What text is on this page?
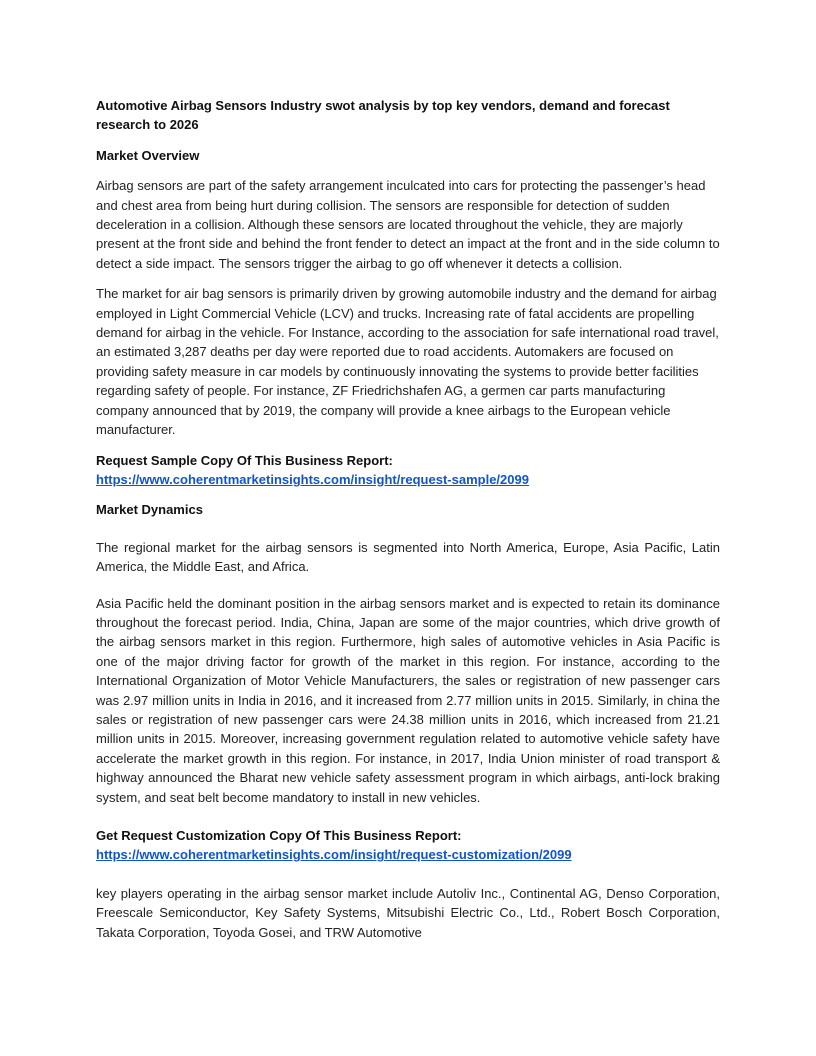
Automotive Airbag Sensors Industry swot analysis by top key vendors, demand and forecast research to 2026

Market Overview

Airbag sensors are part of the safety arrangement inculcated into cars for protecting the passenger’s head and chest area from being hurt during collision. The sensors are responsible for detection of sudden deceleration in a collision. Although these sensors are located throughout the vehicle, they are majorly present at the front side and behind the front fender to detect an impact at the front and in the side column to detect a side impact. The sensors trigger the airbag to go off whenever it detects a collision.

The market for air bag sensors is primarily driven by growing automobile industry and the demand for airbag employed in Light Commercial Vehicle (LCV) and trucks. Increasing rate of fatal accidents are propelling demand for airbag in the vehicle. For Instance, according to the association for safe international road travel, an estimated 3,287 deaths per day were reported due to road accidents. Automakers are focused on providing safety measure in car models by continuously innovating the systems to provide better facilities regarding safety of people. For instance, ZF Friedrichshafen AG, a germen car parts manufacturing company announced that by 2019, the company will provide a knee airbags to the European vehicle manufacturer.

Request Sample Copy Of This Business Report:

https://www.coherentmarketinsights.com/insight/request-sample/2099

Market Dynamics

The regional market for the airbag sensors is segmented into North America, Europe, Asia Pacific, Latin America, the Middle East, and Africa.

Asia Pacific held the dominant position in the airbag sensors market and is expected to retain its dominance throughout the forecast period. India, China, Japan are some of the major countries, which drive growth of the airbag sensors market in this region. Furthermore, high sales of automotive vehicles in Asia Pacific is one of the major driving factor for growth of the market in this region. For instance, according to the International Organization of Motor Vehicle Manufacturers, the sales or registration of new passenger cars was 2.97 million units in India in 2016, and it increased from 2.77 million units in 2015. Similarly, in china the sales or registration of new passenger cars were 24.38 million units in 2016, which increased from 21.21 million units in 2015. Moreover, increasing government regulation related to automotive vehicle safety have accelerate the market growth in this region. For instance, in 2017, India Union minister of road transport & highway announced the Bharat new vehicle safety assessment program in which airbags, anti-lock braking system, and seat belt become mandatory to install in new vehicles.

Get Request Customization Copy Of This Business Report:

https://www.coherentmarketinsights.com/insight/request-customization/2099

key players operating in the airbag sensor market include Autoliv Inc., Continental AG, Denso Corporation, Freescale Semiconductor, Key Safety Systems, Mitsubishi Electric Co., Ltd., Robert Bosch Corporation, Takata Corporation, Toyoda Gosei, and TRW Automotive
